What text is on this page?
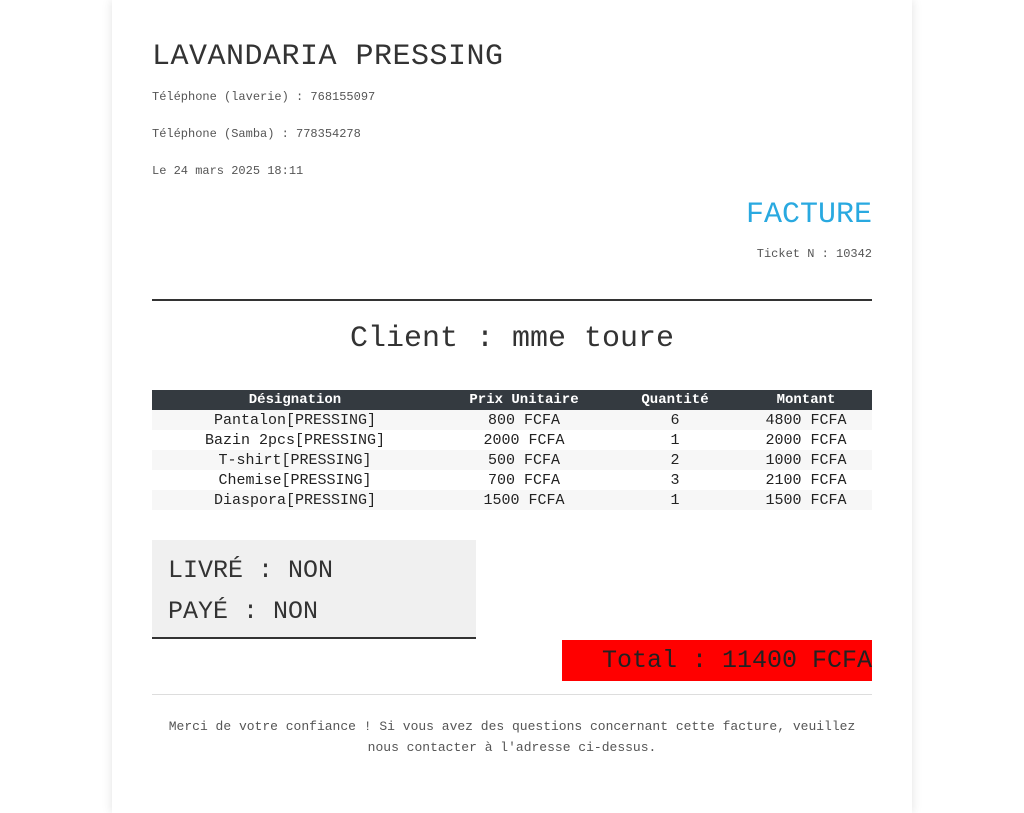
LAVANDARIA PRESSING
Téléphone (laverie) : 768155097
Téléphone (Samba) : 778354278
Le 24 mars 2025 18:11
FACTURE
Ticket N : 10342
Client : mme toure
Désignation	Prix Unitaire	Quantité	Montant
Pantalon[PRESSING]	800 FCFA	6	4800 FCFA
Bazin 2pcs[PRESSING]	2000 FCFA	1	2000 FCFA
T-shirt[PRESSING]	500 FCFA	2	1000 FCFA
Chemise[PRESSING]	700 FCFA	3	2100 FCFA
Diaspora[PRESSING]	1500 FCFA	1	1500 FCFA
LIVRÉ : NON
PAYÉ : NON
Total : 11400 FCFA
Merci de votre confiance ! Si vous avez des questions concernant cette facture, veuillez nous contacter à l'adresse ci-dessus.
